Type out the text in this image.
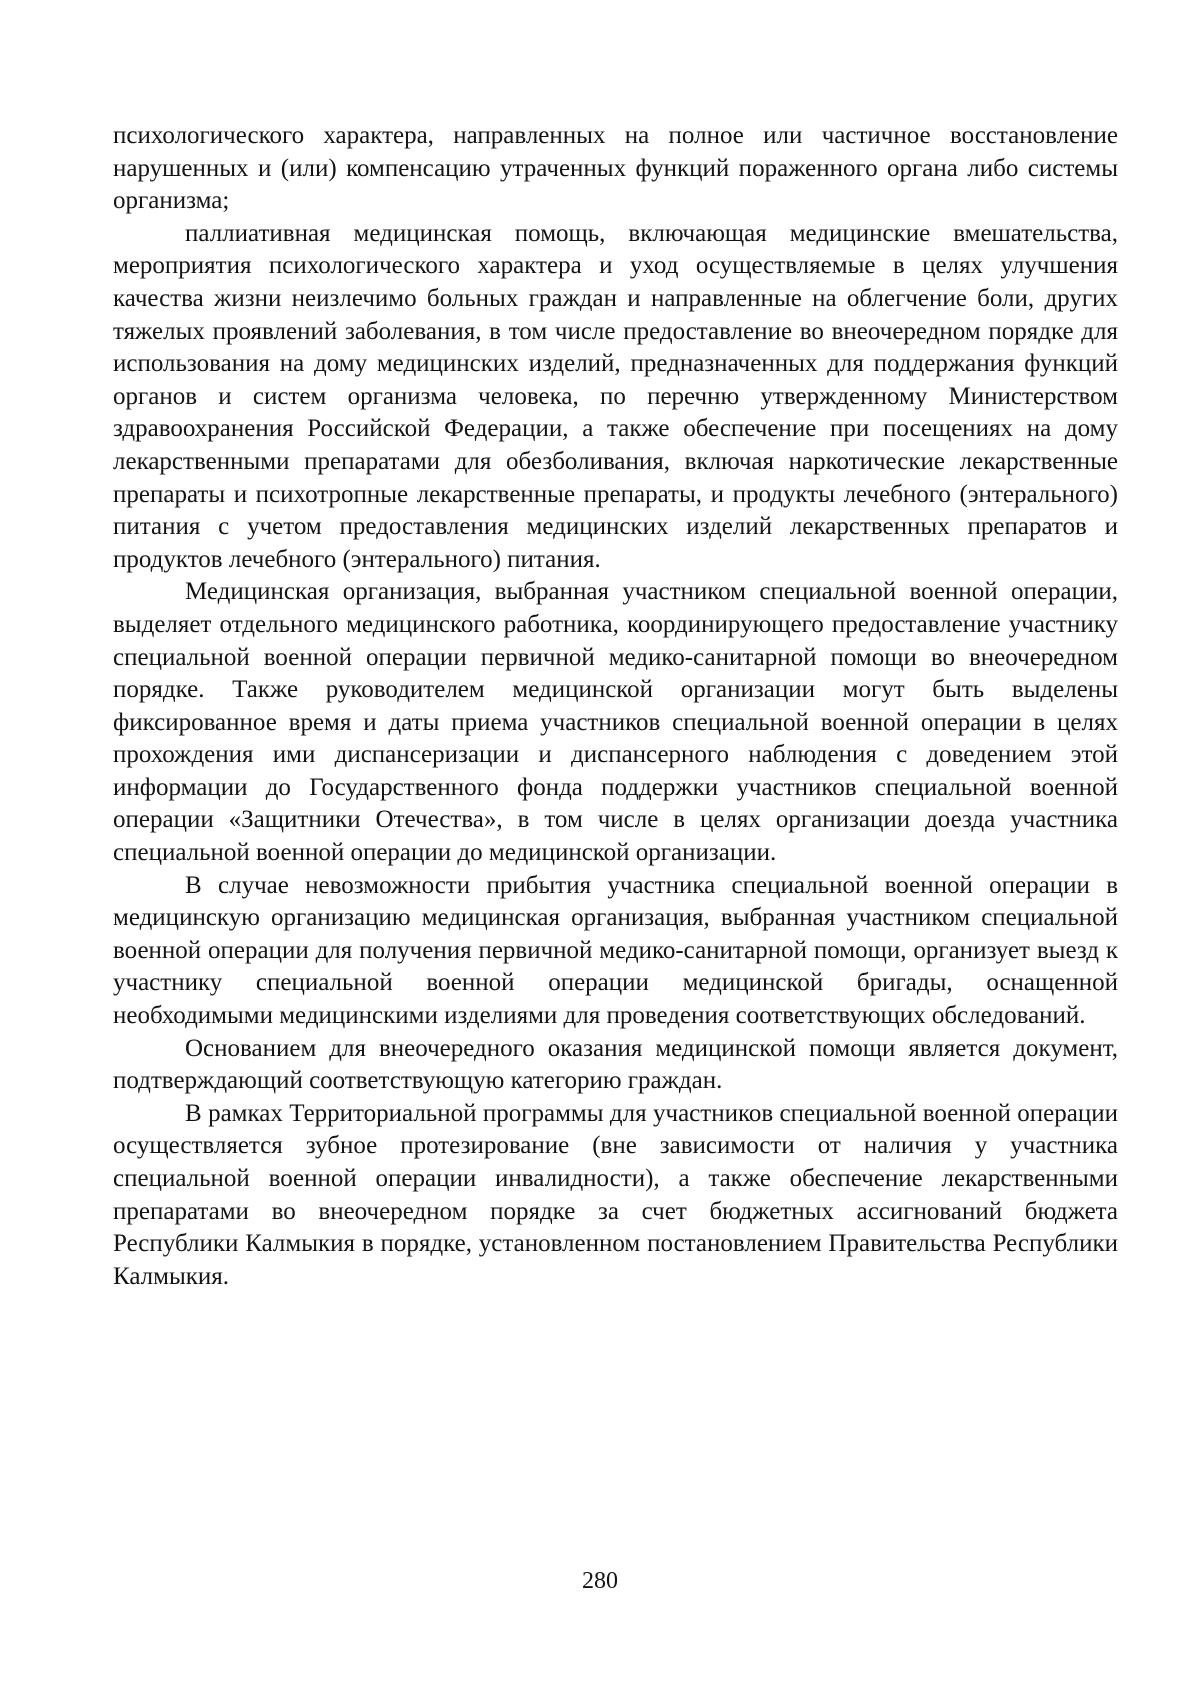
психологического характера, направленных на полное или частичное восстановление нарушенных и (или) компенсацию утраченных функций пораженного органа либо системы организма;

паллиативная медицинская помощь, включающая медицинские вмешательства, мероприятия психологического характера и уход осуществляемые в целях улучшения качества жизни неизлечимо больных граждан и направленные на облегчение боли, других тяжелых проявлений заболевания, в том числе предоставление во внеочередном порядке для использования на дому медицинских изделий, предназначенных для поддержания функций органов и систем организма человека, по перечню утвержденному Министерством здравоохранения Российской Федерации, а также обеспечение при посещениях на дому лекарственными препаратами для обезболивания, включая наркотические лекарственные препараты и психотропные лекарственные препараты, и продукты лечебного (энтерального) питания с учетом предоставления медицинских изделий лекарственных препаратов и продуктов лечебного (энтерального) питания.

Медицинская организация, выбранная участником специальной военной операции, выделяет отдельного медицинского работника, координирующего предоставление участнику специальной военной операции первичной медико-санитарной помощи во внеочередном порядке. Также руководителем медицинской организации могут быть выделены фиксированное время и даты приема участников специальной военной операции в целях прохождения ими диспансеризации и диспансерного наблюдения с доведением этой информации до Государственного фонда поддержки участников специальной военной операции «Защитники Отечества», в том числе в целях организации доезда участника специальной военной операции до медицинской организации.

В случае невозможности прибытия участника специальной военной операции в медицинскую организацию медицинская организация, выбранная участником специальной военной операции для получения первичной медико-санитарной помощи, организует выезд к участнику специальной военной операции медицинской бригады, оснащенной необходимыми медицинскими изделиями для проведения соответствующих обследований.

Основанием для внеочередного оказания медицинской помощи является документ, подтверждающий соответствующую категорию граждан.

В рамках Территориальной программы для участников специальной военной операции осуществляется зубное протезирование (вне зависимости от наличия у участника специальной военной операции инвалидности), а также обеспечение лекарственными препаратами во внеочередном порядке за счет бюджетных ассигнований бюджета Республики Калмыкия в порядке, установленном постановлением Правительства Республики Калмыкия.

280
